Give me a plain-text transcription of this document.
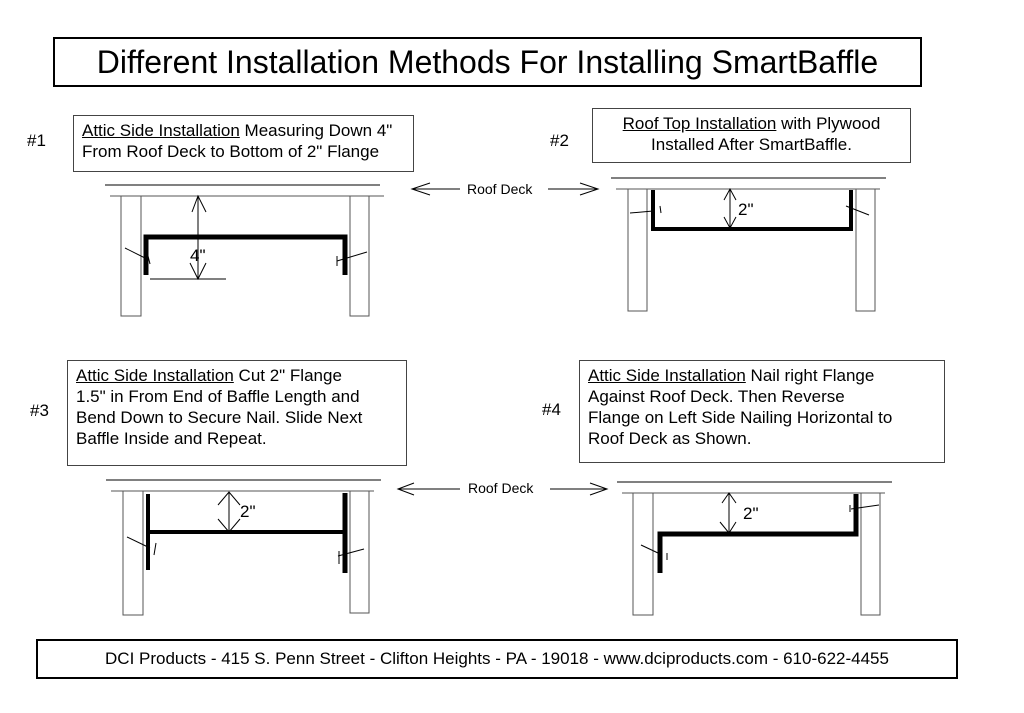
Different Installation Methods For Installing SmartBaffle
#1	#2
#3	#4
Attic Side Installation Measuring Down 4"
From Roof Deck to Bottom of 2" Flange
Roof Top Installation with Plywood
Installed After SmartBaffle.
Attic Side Installation Cut 2" Flange
1.5" in From End of Baffle Length and
Bend Down to Secure Nail. Slide Next
Baffle Inside and Repeat.
Attic Side Installation Nail right Flange
Against Roof Deck. Then Reverse
Flange on Left Side Nailing Horizontal to
Roof Deck as Shown.
Roof Deck
Roof Deck
4"
2"
2"	2"
DCI Products - 415 S. Penn Street - Clifton Heights - PA - 19018 - www.dciproducts.com - 610-622-4455
